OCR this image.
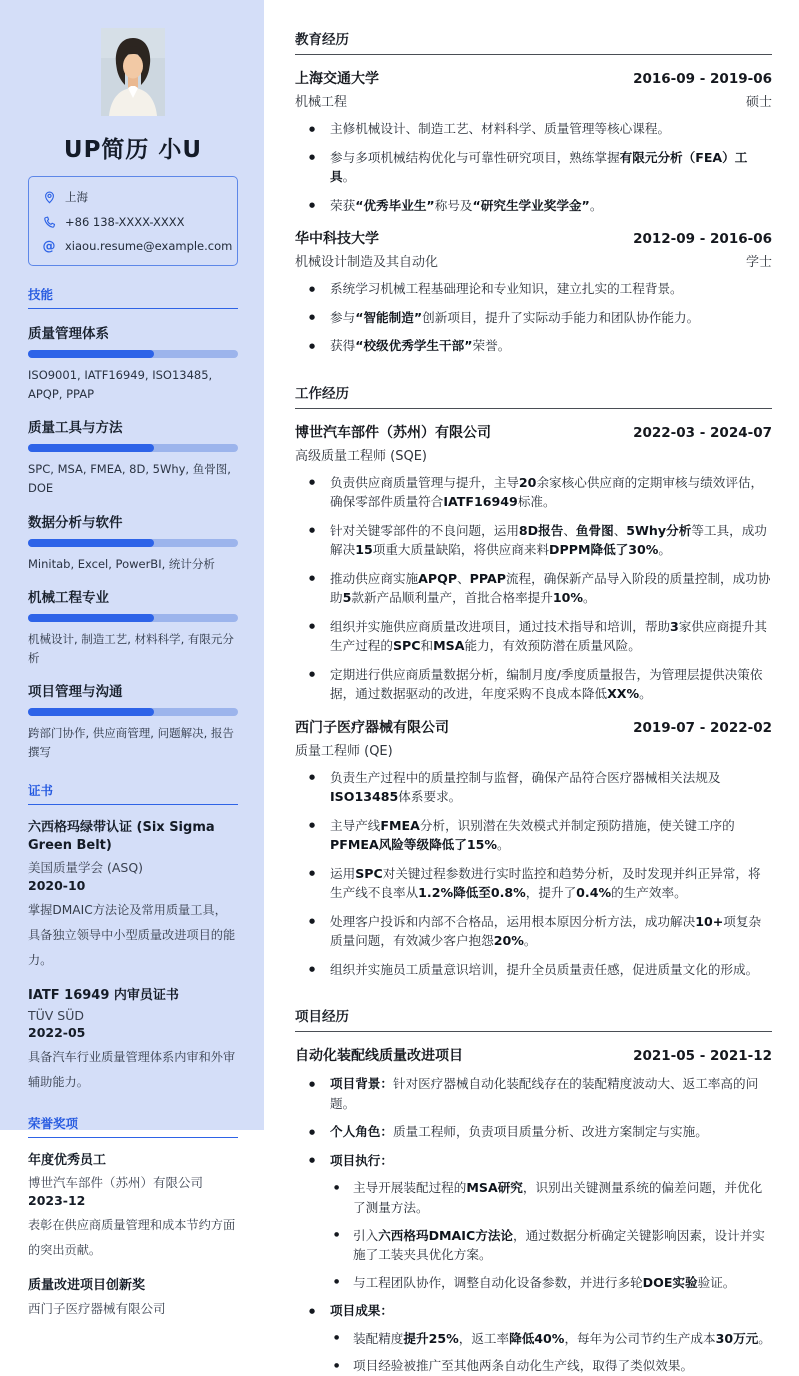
UP简历 小U
上海
+86 138-XXXX-XXXX
@ xiaou.resume@example.com
技能
质量管理体系
ISO9001, IATF16949, ISO13485, APQP, PPAP
质量工具与方法
SPC, MSA, FMEA, 8D, 5Why, 鱼骨图, DOE
数据分析与软件
Minitab, Excel, PowerBI, 统计分析
机械工程专业
机械设计, 制造工艺, 材料科学, 有限元分析
项目管理与沟通
跨部门协作, 供应商管理, 问题解决, 报告撰写
证书
六西格玛绿带认证 (Six Sigma Green Belt)
美国质量学会 (ASQ)
2020-10
掌握DMAIC方法论及常用质量工具，具备独立领导中小型质量改进项目的能力。
IATF 16949 内审员证书
TÜV SÜD
2022-05
具备汽车行业质量管理体系内审和外审辅助能力。
荣誉奖项
年度优秀员工
博世汽车部件（苏州）有限公司
2023-12
表彰在供应商质量管理和成本节约方面的突出贡献。
质量改进项目创新奖
西门子医疗器械有限公司
教育经历
上海交通大学	2016-09 - 2019-06
机械工程	硕士
● 主修机械设计、制造工艺、材料科学、质量管理等核心课程。
● 参与多项机械结构优化与可靠性研究项目，熟练掌握有限元分析（FEA）工具。
● 荣获“优秀毕业生”称号及“研究生学业奖学金”。
华中科技大学	2012-09 - 2016-06
机械设计制造及其自动化	学士
● 系统学习机械工程基础理论和专业知识，建立扎实的工程背景。
● 参与“智能制造”创新项目，提升了实际动手能力和团队协作能力。
● 获得“校级优秀学生干部”荣誉。
工作经历
博世汽车部件（苏州）有限公司	2022-03 - 2024-07
高级质量工程师 (SQE)
● 负责供应商质量管理与提升，主导20余家核心供应商的定期审核与绩效评估，确保零部件质量符合IATF16949标准。
● 针对关键零部件的不良问题，运用8D报告、鱼骨图、5Why分析等工具，成功解决15项重大质量缺陷，将供应商来料DPPM降低了30%。
● 推动供应商实施APQP、PPAP流程，确保新产品导入阶段的质量控制，成功协助5款新产品顺利量产，首批合格率提升10%。
● 组织并实施供应商质量改进项目，通过技术指导和培训，帮助3家供应商提升其生产过程的SPC和MSA能力，有效预防潜在质量风险。
● 定期进行供应商质量数据分析，编制月度/季度质量报告，为管理层提供决策依据，通过数据驱动的改进，年度采购不良成本降低XX%。
西门子医疗器械有限公司	2019-07 - 2022-02
质量工程师 (QE)
● 负责生产过程中的质量控制与监督，确保产品符合医疗器械相关法规及ISO13485体系要求。
● 主导产线FMEA分析，识别潜在失效模式并制定预防措施，使关键工序的PFMEA风险等级降低了15%。
● 运用SPC对关键过程参数进行实时监控和趋势分析，及时发现并纠正异常，将生产线不良率从1.2%降低至0.8%，提升了0.4%的生产效率。
● 处理客户投诉和内部不合格品，运用根本原因分析方法，成功解决10+项复杂质量问题，有效减少客户抱怨20%。
● 组织并实施员工质量意识培训，提升全员质量责任感，促进质量文化的形成。
项目经历
自动化装配线质量改进项目	2021-05 - 2021-12
● 项目背景：针对医疗器械自动化装配线存在的装配精度波动大、返工率高的问题。
● 个人角色：质量工程师，负责项目质量分析、改进方案制定与实施。
● 项目执行：
● 主导开展装配过程的MSA研究，识别出关键测量系统的偏差问题，并优化了测量方法。
● 引入六西格玛DMAIC方法论，通过数据分析确定关键影响因素，设计并实施了工装夹具优化方案。
● 与工程团队协作，调整自动化设备参数，并进行多轮DOE实验验证。
● 项目成果：
● 装配精度提升25%，返工率降低40%，每年为公司节约生产成本30万元。
● 项目经验被推广至其他两条自动化生产线，取得了类似效果。
